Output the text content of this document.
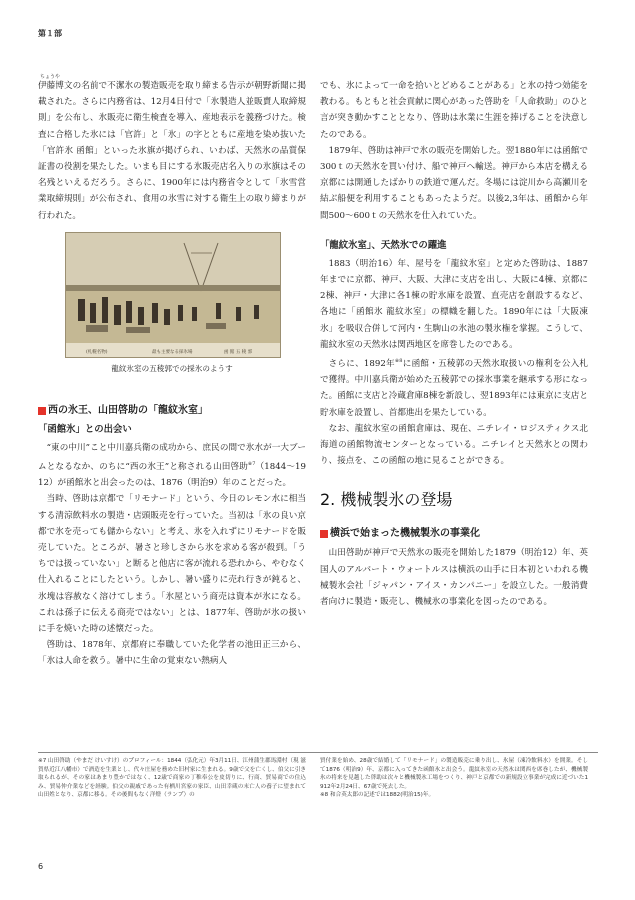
第１部
ちょうや

伊藤博文の名前で不潔氷の製造販売を取り締まる告示が朝野新聞に掲載された。さらに内務省は、12月4日付で「氷製造人並販賣人取締規則」を公布し、氷販売に衛生検査を導入、産地表示を義務づけた。検査に合格した氷には「官許」と「氷」の字とともに産地を染め抜いた「官許氷 函館」といった氷旗が掲げられ、いわば、天然氷の品質保証書の役割を果たした。いまも目にする氷販売店名入りの氷旗はその名残といえるだろう。さらに、1900年には内務省令として「氷雪営業取締規則」が公布され、食用の氷雪に対する衛生上の取り締まりが行われた。

(札幌名物)	最も主要なる採氷場	函 館 五 稜 郭
龍紋氷室の五稜郭での採氷のようす
西の氷王、山田啓助の「龍紋氷室」
「函館氷」との出会い

“東の中川”こと中川嘉兵衛の成功から、庶民の間で氷水が一大ブームとなるなか、のちに“西の氷王”と称される山田啓助$^{※7}$（1844～1912）が函館氷と出会ったのは、1876（明治9）年のことだった。

当時、啓助は京都で「リモナード」という、今日のレモン水に相当する清涼飲料水の製造・店頭販売を行っていた。当初は「氷の良い京都で氷を売っても儲からない」と考え、氷を入れずにリモナードを販売していた。ところが、暑さと珍しさから氷を求める客が殺到。「うちでは扱っていない」と断ると他店に客が流れる恐れから、やむなく仕入れることにしたという。しかし、暑い盛りに売れ行きが鈍ると、氷塊は容赦なく溶けてしまう。「氷屋という商売は資本が氷になる。これは孫子に伝える商売ではない」とは、1877年、啓助が氷の扱いに手を焼いた時の述懐だった。

啓助は、1878年、京都府に奉職していた化学者の池田正三から、「氷は人命を救う。暑中に生命の覚束ない熱病人

でも、氷によって一命を拾いとどめることがある」と氷の持つ効能を教わる。もともと社会貢献に関心があった啓助を「人命救助」のひと言が突き動かすこととなり、啓助は氷業に生涯を捧げることを決意したのである。

1879年、啓助は神戸で氷の販売を開始した。翌1880年には函館で300ｔの天然氷を買い付け、船で神戸へ輸送。神戸から本店を構える京都には開通したばかりの鉄道で運んだ。冬場には淀川から高瀬川を結ぶ船便を利用することもあったようだ。以後2,3年は、函館から年間500～600ｔの天然氷を仕入れていた。

「龍紋氷室」、天然氷での躍進

1883（明治16）年、屋号を「龍紋氷室」と定めた啓助は、1887年までに京都、神戸、大阪、大津に支店を出し、大阪に4棟、京都に2棟、神戸・大津に各1棟の貯氷庫を設置、直売店を創設するなど、各地に「函館氷 龍紋氷室」の標幟を翻した。1890年には「大阪凍氷」を吸収合併して河内・生駒山の氷池の製氷権を掌握。こうして、龍紋氷室の天然氷は関西地区を席巻したのである。

さらに、1892年$^{※8}$に函館・五稜郭の天然氷取扱いの権利を公入札で獲得。中川嘉兵衛が始めた五稜郭での採氷事業を継承する形になった。函館に支店と冷蔵倉庫8棟を新設し、翌1893年には東京に支店と貯氷庫を設置し、首都進出を果たしている。

なお、龍紋氷室の函館倉庫は、現在、ニチレイ・ロジスティクス北海道の函館物流センターとなっている。ニチレイと天然氷との関わり、接点を、この函館の地に見ることができる。

2. 機械製氷の登場
横浜で始まった機械製氷の事業化

山田啓助が神戸で天然氷の販売を開始した1879（明治12）年、英国人のアルバート・ウォートルスは横浜の山手に日本初といわれる機械製氷会社「ジャパン・アイス・カンパニー」を設立した。一般消費者向けに製造・販売し、機械氷の事業化を図ったのである。

※7 山田啓助（やまだ けいすけ）のプロフィール：1844（弘化元）年3月11日、江州蒲生郡馬淵村（現 滋賀県近江八幡市）で酒造を生業とし、代々庄屋を務めた旧村家に生まれる。9歳で父を亡くし、伯父に引き取られるが、その家はあまり豊かではなく、12歳で商家の丁稚奉公を皮切りに、行商、貿易商での住込み、貿易仲介業などを経験。伯父の親戚であった有栖川宮家の家臣、山田幸蔵の末亡人の養子に望まれて山田姓となり、京都に移る。その後間もなく洋燈（ランプ）の

貿付業を始め、28歳で結婚して「リモナード」の製造販売に乗り出し、氷屋（凍冷飲料水）を開業。そして1876（明治9）年、京都に入ってきた函館氷と出会う。龍紋氷室の天然氷は関西を席巻したが、機械製氷の将来を見越した啓助は次々と機械製氷工場をつくり、神戸と京都での新規設立事業が完成に近づいた1912年2月24日、67歳で死去した。

※8 和合英太郎の記述では1882(明治15)年。

6
